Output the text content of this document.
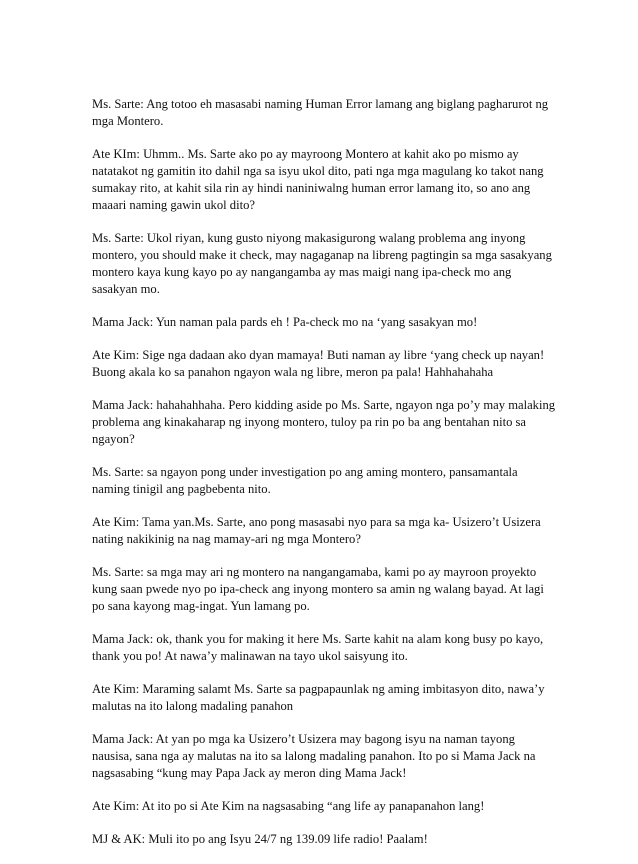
Ms. Sarte: Ang totoo eh masasabi naming Human Error lamang ang biglang pagharurot ng mga Montero.

Ate KIm: Uhmm.. Ms. Sarte ako po ay mayroong Montero at kahit ako po mismo ay natatakot ng gamitin ito dahil nga sa isyu ukol dito, pati nga mga magulang ko takot nang sumakay rito, at kahit sila rin ay hindi naniniwalng human error lamang ito, so ano ang maaari naming gawin ukol dito?

Ms. Sarte: Ukol riyan, kung gusto niyong makasigurong walang problema ang inyong montero, you should make it check, may nagaganap na libreng pagtingin sa mga sasakyang montero kaya kung kayo po ay nangangamba ay mas maigi nang ipa-check mo ang sasakyan mo.

Mama Jack: Yun naman pala pards eh ! Pa-check mo na ‘yang sasakyan mo!

Ate Kim: Sige nga dadaan ako dyan mamaya! Buti naman ay libre ‘yang check up nayan! Buong akala ko sa panahon ngayon wala ng libre, meron pa pala! Hahhahahaha

Mama Jack: hahahahhaha. Pero kidding aside po Ms. Sarte, ngayon nga po’y may malaking problema ang kinakaharap ng inyong montero, tuloy pa rin po ba ang bentahan nito sa ngayon?

Ms. Sarte: sa ngayon pong under investigation po ang aming montero, pansamantala naming tinigil ang pagbebenta nito.

Ate Kim: Tama yan.Ms. Sarte, ano pong masasabi nyo para sa mga ka- Usizero’t Usizera nating nakikinig na nag mamay-ari ng mga Montero?

Ms. Sarte: sa mga may ari ng montero na nangangamaba, kami po ay mayroon proyekto kung saan pwede nyo po ipa-check ang inyong montero sa amin ng walang bayad. At lagi po sana kayong mag-ingat. Yun lamang po.

Mama Jack: ok, thank you for making it here Ms. Sarte kahit na alam kong busy po kayo, thank you po! At nawa’y malinawan na tayo ukol saisyung ito.

Ate Kim: Maraming salamt Ms. Sarte sa pagpapaunlak ng aming imbitasyon dito, nawa’y malutas na ito lalong madaling panahon

Mama Jack: At yan po mga ka Usizero’t Usizera may bagong isyu na naman tayong nausisa, sana nga ay malutas na ito sa lalong madaling panahon. Ito po si Mama Jack na nagsasabing “kung may Papa Jack ay meron ding Mama Jack!

Ate Kim: At ito po si Ate Kim na nagsasabing “ang life ay panapanahon lang!

MJ & AK: Muli ito po ang Isyu 24/7 ng 139.09 life radio! Paalam!
